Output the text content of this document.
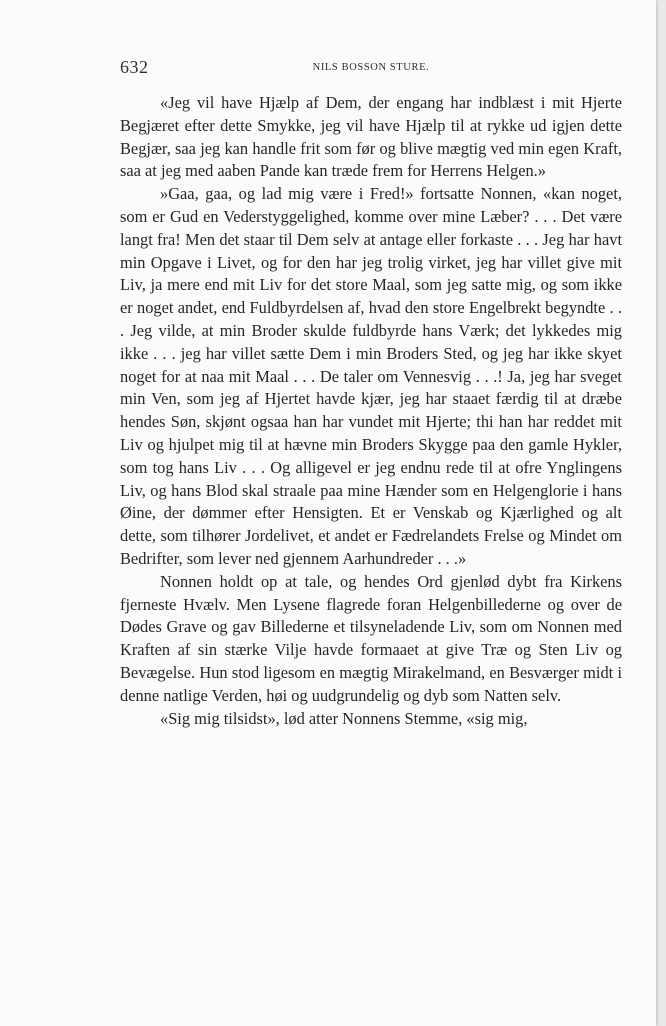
632	NILS BOSSON STURE.

«Jeg vil have Hjælp af Dem, der engang har indblæst i mit Hjerte Begjæret efter dette Smykke, jeg vil have Hjælp til at rykke ud igjen dette Begjær, saa jeg kan handle frit som før og blive mægtig ved min egen Kraft, saa at jeg med aaben Pande kan træde frem for Herrens Helgen.»

»Gaa, gaa, og lad mig være i Fred!» fortsatte Nonnen, «kan noget, som er Gud en Vederstyggelighed, komme over mine Læber? . . . Det være langt fra! Men det staar til Dem selv at antage eller forkaste . . . Jeg har havt min Opgave i Livet, og for den har jeg trolig virket, jeg har villet give mit Liv, ja mere end mit Liv for det store Maal, som jeg satte mig, og som ikke er noget andet, end Fuldbyrdelsen af, hvad den store Engelbrekt begyndte . . . Jeg vilde, at min Broder skulde fuldbyrde hans Værk; det lykkedes mig ikke . . . jeg har villet sætte Dem i min Broders Sted, og jeg har ikke skyet noget for at naa mit Maal . . . De taler om Vennesvig . . .! Ja, jeg har sveget min Ven, som jeg af Hjertet havde kjær, jeg har staaet færdig til at dræbe hendes Søn, skjønt ogsaa han har vundet mit Hjerte; thi han har reddet mit Liv og hjulpet mig til at hævne min Broders Skygge paa den gamle Hykler, som tog hans Liv . . . Og alligevel er jeg endnu rede til at ofre Ynglingens Liv, og hans Blod skal straale paa mine Hænder som en Helgenglorie i hans Øine, der dømmer efter Hensigten. Et er Venskab og Kjærlighed og alt dette, som tilhører Jordelivet, et andet er Fædrelandets Frelse og Mindet om Bedrifter, som lever ned gjennem Aarhundreder . . .»

Nonnen holdt op at tale, og hendes Ord gjenlød dybt fra Kirkens fjerneste Hvælv. Men Lysene flagrede foran Helgenbillederne og over de Dødes Grave og gav Billederne et tilsyneladende Liv, som om Nonnen med Kraften af sin stærke Vilje havde formaaet at give Træ og Sten Liv og Bevægelse. Hun stod ligesom en mægtig Mirakelmand, en Besværger midt i denne natlige Verden, høi og uudgrundelig og dyb som Natten selv.

«Sig mig tilsidst», lød atter Nonnens Stemme, «sig mig,
